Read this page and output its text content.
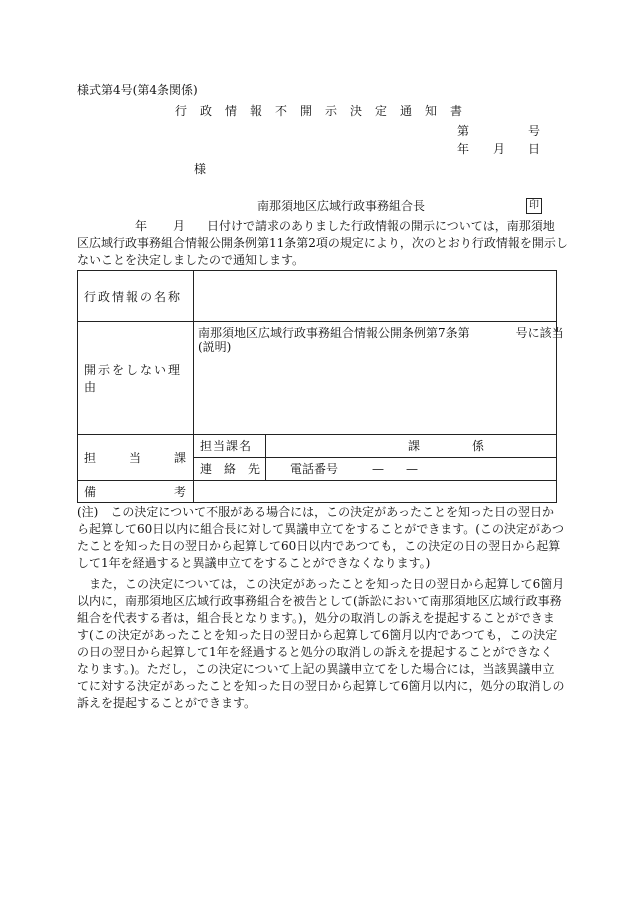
様式第4号(第4条関係)
行　政　情　報　不　開　示　決　定　通　知　書
第	号
年 月 日
様
南那須地区広域行政事務組合長	印
年 月 日付けで請求のありました行政情報の開示については，南那須地
区広域行政事務組合情報公開条例第11条第2項の規定により，次のとおり行政情報を開示し
ないことを決定しましたので通知します。
行政情報の名称		
開示をしない理由	南那須地区広域行政事務組合情報公開条例第7条第 号に該当
(説明)	

担 当 課	担当課名	課 係

	連　絡　先	電話番号 — —

備 考		

(注)　この決定について不服がある場合には，この決定があったことを知った日の翌日か
ら起算して60日以内に組合長に対して異議申立てをすることができます。(この決定があつ
たことを知った日の翌日から起算して60日以内であつても，この決定の日の翌日から起算
して1年を経過すると異議申立てをすることができなくなります。)
　また，この決定については，この決定があったことを知った日の翌日から起算して6箇月
以内に，南那須地区広域行政事務組合を被告として(訴訟において南那須地区広域行政事務
組合を代表する者は，組合長となります。)，処分の取消しの訴えを提起することができま
す(この決定があったことを知った日の翌日から起算して6箇月以内であつても，この決定
の日の翌日から起算して1年を経過すると処分の取消しの訴えを提起することができなく
なります。)。ただし，この決定について上記の異議申立てをした場合には，当該異議申立
てに対する決定があったことを知った日の翌日から起算して6箇月以内に，処分の取消しの
訴えを提起することができます。
